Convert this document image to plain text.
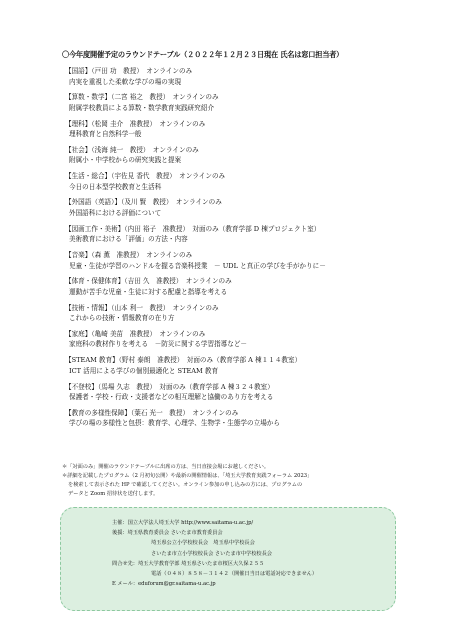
〇今年度開催予定のラウンドテーブル（２０２２年１２月２３日現在 氏名は窓口担当者）
【国語】（戸田 功　教授）　オンラインのみ
内実を重視した柔軟な学びの場の実現
【算数・数学】（二宮 裕之　教授）　オンラインのみ
附属学校教員による算数・数学教育実践研究紹介
【理科】（松岡 圭介　准教授）　オンラインのみ
理科教育と自然科学一般
【社会】（浅海 純一　教授）　オンラインのみ
附属小・中学校からの研究実践と提案
【生活・総合】（宇佐見 香代　教授）　オンラインのみ
今日の日本型学校教育と生活科
【外国語（英語）】（及川 賢　教授）　オンラインのみ
外国語科における評価について
【図画工作・美術】（内田 裕子　准教授）　対面のみ（教育学部 D 棟プロジェクト室）
美術教育における「評価」の方法・内容
【音楽】（森 薫　准教授）　オンラインのみ
児童・生徒が学習のハンドルを握る音楽科授業　－ UDL と真正の学びを手がかりに－
【体育・保健体育】（吉田 久　准教授）　オンラインのみ
運動が苦手な児童・生徒に対する配慮と指導を考える
【技術・情報】（山本 利一　教授）　オンラインのみ
これからの技術・情報教育の在り方
【家庭】（亀崎 美苗　准教授）　オンラインのみ
家庭科の教材作りを考える　－防災に関する学習指導など－
【STEAM 教育】（野村 泰朗　准教授）　対面のみ（教育学部 A 棟１１４教室）
ICT 活用による学びの個別最適化と STEAM 教育
【不登校】（馬場 久志　教授）　対面のみ（教育学部 A 棟３２４教室）
保護者・学校・行政・支援者などの相互理解と協働のあり方を考える
【教育の多様性保障】（葉石 光一　教授）　オンラインのみ
学びの場の多様性と包摂：教育学、心理学、生物学・生態学の立場から
＊「対面のみ」開催のラウンドテーブルに出席の方は、当日直接会場にお越しください。
＊詳細を記載したプログラム（2 月初旬公開）や最新の開催情報は、「埼玉大学教育実践フォーラム 2023」
を検索して表示された HP で確認してください。オンライン参加の申し込みの方には、プログラムの
データと Zoom 招待状を送付します。
主催：国立大学法人埼玉大学 http://www.saitama-u.ac.jp/
後援：埼玉県教育委員会 さいたま市教育委員会
埼玉県公立小学校校長会　埼玉県中学校長会
さいたま市立小学校校長会 さいたま市中学校校長会
問合せ先：埼玉大学教育学部 埼玉県さいたま市桜区大久保２５５
電話（０４８）８５８－３１４２（開催日当日は電話対応できません）
E メール：eduforum@gr.saitama-u.ac.jp
